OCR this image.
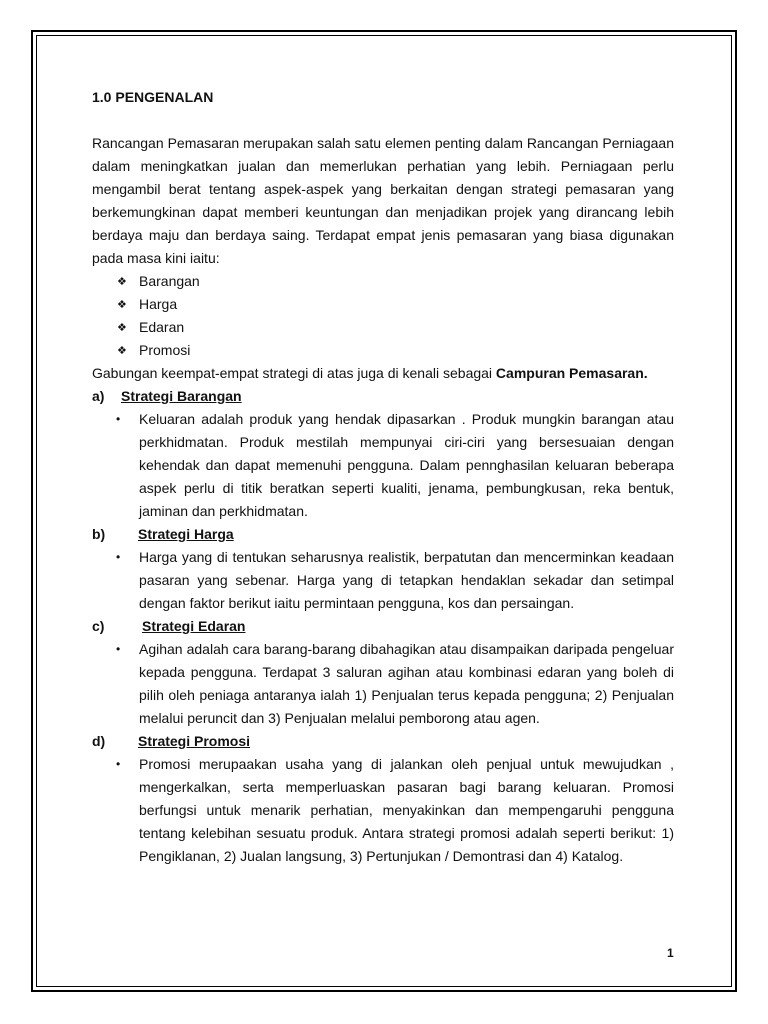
1.0 PENGENALAN

Rancangan Pemasaran merupakan salah satu elemen penting dalam Rancangan Perniagaan dalam meningkatkan jualan dan memerlukan perhatian yang lebih. Perniagaan perlu mengambil berat tentang aspek-aspek yang berkaitan dengan strategi pemasaran yang berkemungkinan dapat memberi keuntungan dan menjadikan projek yang dirancang lebih berdaya maju dan berdaya saing. Terdapat empat jenis pemasaran yang biasa digunakan pada masa kini iaitu:

❖ Barangan
❖ Harga
❖ Edaran
❖ Promosi

Gabungan keempat-empat strategi di atas juga di kenali sebagai Campuran Pemasaran.

a)	Strategi Barangan

• Keluaran adalah produk yang hendak dipasarkan . Produk mungkin barangan atau perkhidmatan. Produk mestilah mempunyai ciri-ciri yang bersesuaian dengan kehendak dan dapat memenuhi pengguna. Dalam pennghasilan keluaran beberapa aspek perlu di titik beratkan seperti kualiti, jenama, pembungkusan, reka bentuk, jaminan dan perkhidmatan.

b)	Strategi Harga

• Harga yang di tentukan seharusnya realistik, berpatutan dan mencerminkan keadaan pasaran yang sebenar. Harga yang di tetapkan hendaklan sekadar dan setimpal dengan faktor berikut iaitu permintaan pengguna, kos dan persaingan.

c)	Strategi Edaran

• Agihan adalah cara barang-barang dibahagikan atau disampaikan daripada pengeluar kepada pengguna. Terdapat 3 saluran agihan atau kombinasi edaran yang boleh di pilih oleh peniaga antaranya ialah 1) Penjualan terus kepada pengguna; 2) Penjualan melalui peruncit dan 3) Penjualan melalui pemborong atau agen.

d)	Strategi Promosi

• Promosi merupaakan usaha yang di jalankan oleh penjual untuk mewujudkan , mengerkalkan, serta memperluaskan pasaran bagi barang keluaran. Promosi berfungsi untuk menarik perhatian, menyakinkan dan mempengaruhi pengguna tentang kelebihan sesuatu produk. Antara strategi promosi adalah seperti berikut: 1) Pengiklanan, 2) Jualan langsung, 3) Pertunjukan / Demontrasi dan 4) Katalog.

1
